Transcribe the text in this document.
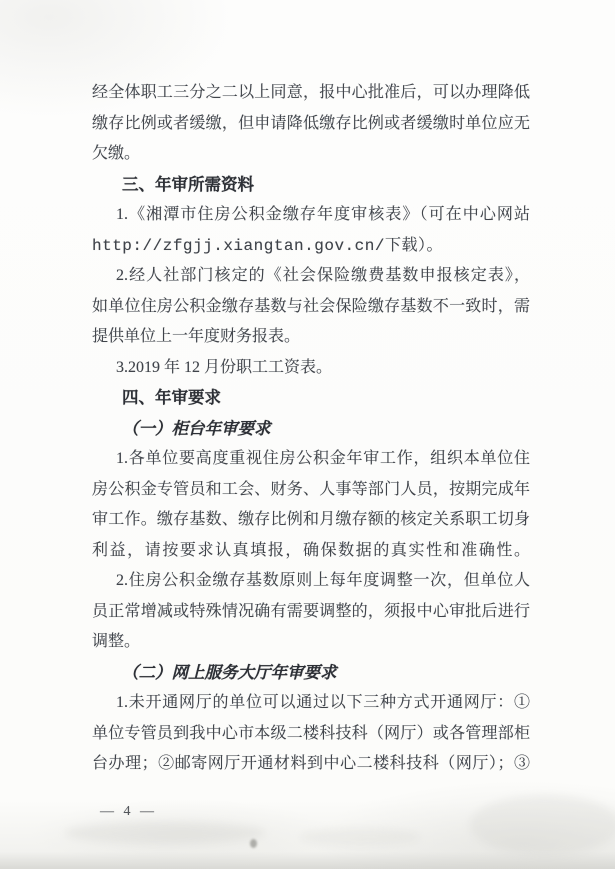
经全体职工三分之二以上同意，报中心批准后，可以办理降低
缴存比例或者缓缴，但申请降低缴存比例或者缓缴时单位应无
欠缴。
三、年审所需资料
1.《湘潭市住房公积金缴存年度审核表》（可在中心网站
http://zfgjj.xiangtan.gov.cn/下载）。
2.经人社部门核定的《社会保险缴费基数申报核定表》，
如单位住房公积金缴存基数与社会保险缴存基数不一致时，需
提供单位上一年度财务报表。
3.2019 年 12 月份职工工资表。
四、年审要求
（一）柜台年审要求
1.各单位要高度重视住房公积金年审工作，组织本单位住
房公积金专管员和工会、财务、人事等部门人员，按期完成年
审工作。缴存基数、缴存比例和月缴存额的核定关系职工切身
利益，请按要求认真填报，确保数据的真实性和准确性。
2.住房公积金缴存基数原则上每年度调整一次，但单位人
员正常增减或特殊情况确有需要调整的，须报中心审批后进行
调整。
（二）网上服务大厅年审要求
1.未开通网厅的单位可以通过以下三种方式开通网厅：①
单位专管员到我中心市本级二楼科技科（网厅）或各管理部柜
台办理；②邮寄网厅开通材料到中心二楼科技科（网厅）；③
— 4 —
